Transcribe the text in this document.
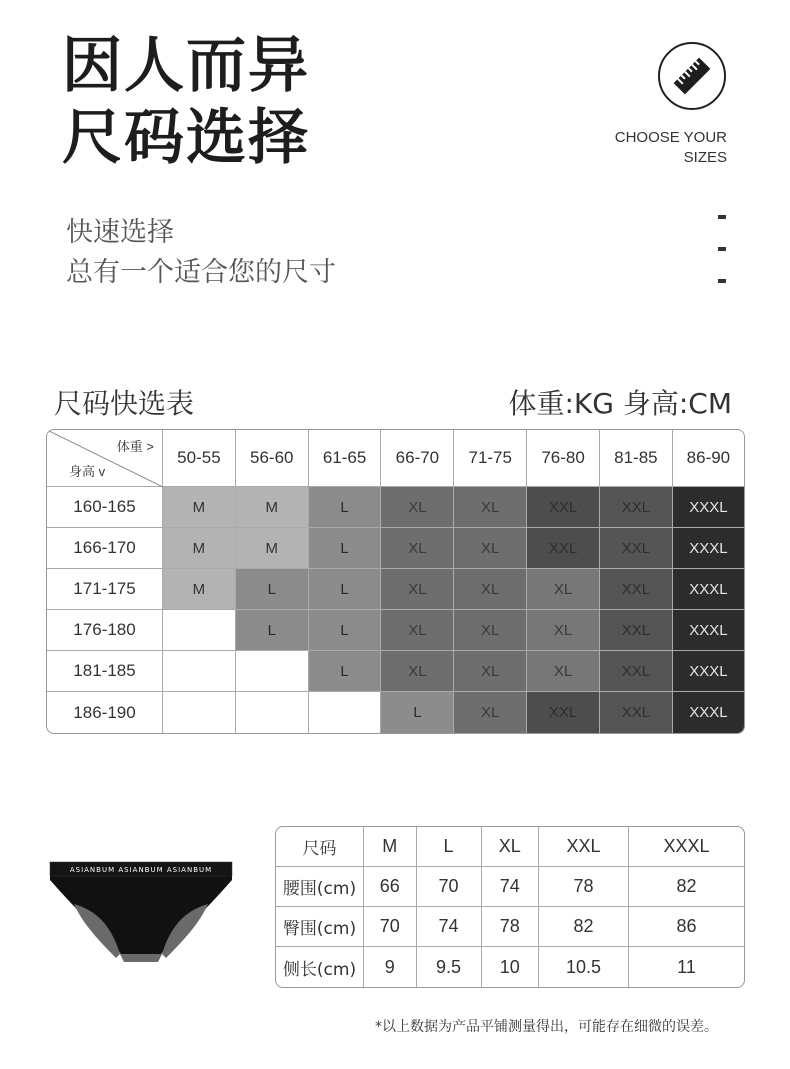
因人而异
尺码选择	CHOOSE YOUR
SIZES
快速选择
总有一个适合您的尺寸
尺码快选表	体重:KG 身高:CM
体重 >
身高 v	50-55	56-60	61-65	66-70	71-75	76-80	81-85	86-90
160-165	M	M	L	XL	XL	XXL	XXL	XXXL
166-170	M	M	L	XL	XL	XXL	XXL	XXXL
171-175	M	L	L	XL	XL	XL	XXL	XXXL
176-180		L	L	XL	XL	XL	XXL	XXXL
181-185			L	XL	XL	XL	XXL	XXXL
186-190				L	XL	XXL	XXL	XXXL
ASIANBUM ASIANBUM ASIANBUM
尺码	M	L	XL	XXL	XXXL
腰围(cm)	66	70	74	78	82
臀围(cm)	70	74	78	82	86
侧长(cm)	9	9.5	10	10.5	11
*以上数据为产品平铺测量得出，可能存在细微的误差。
